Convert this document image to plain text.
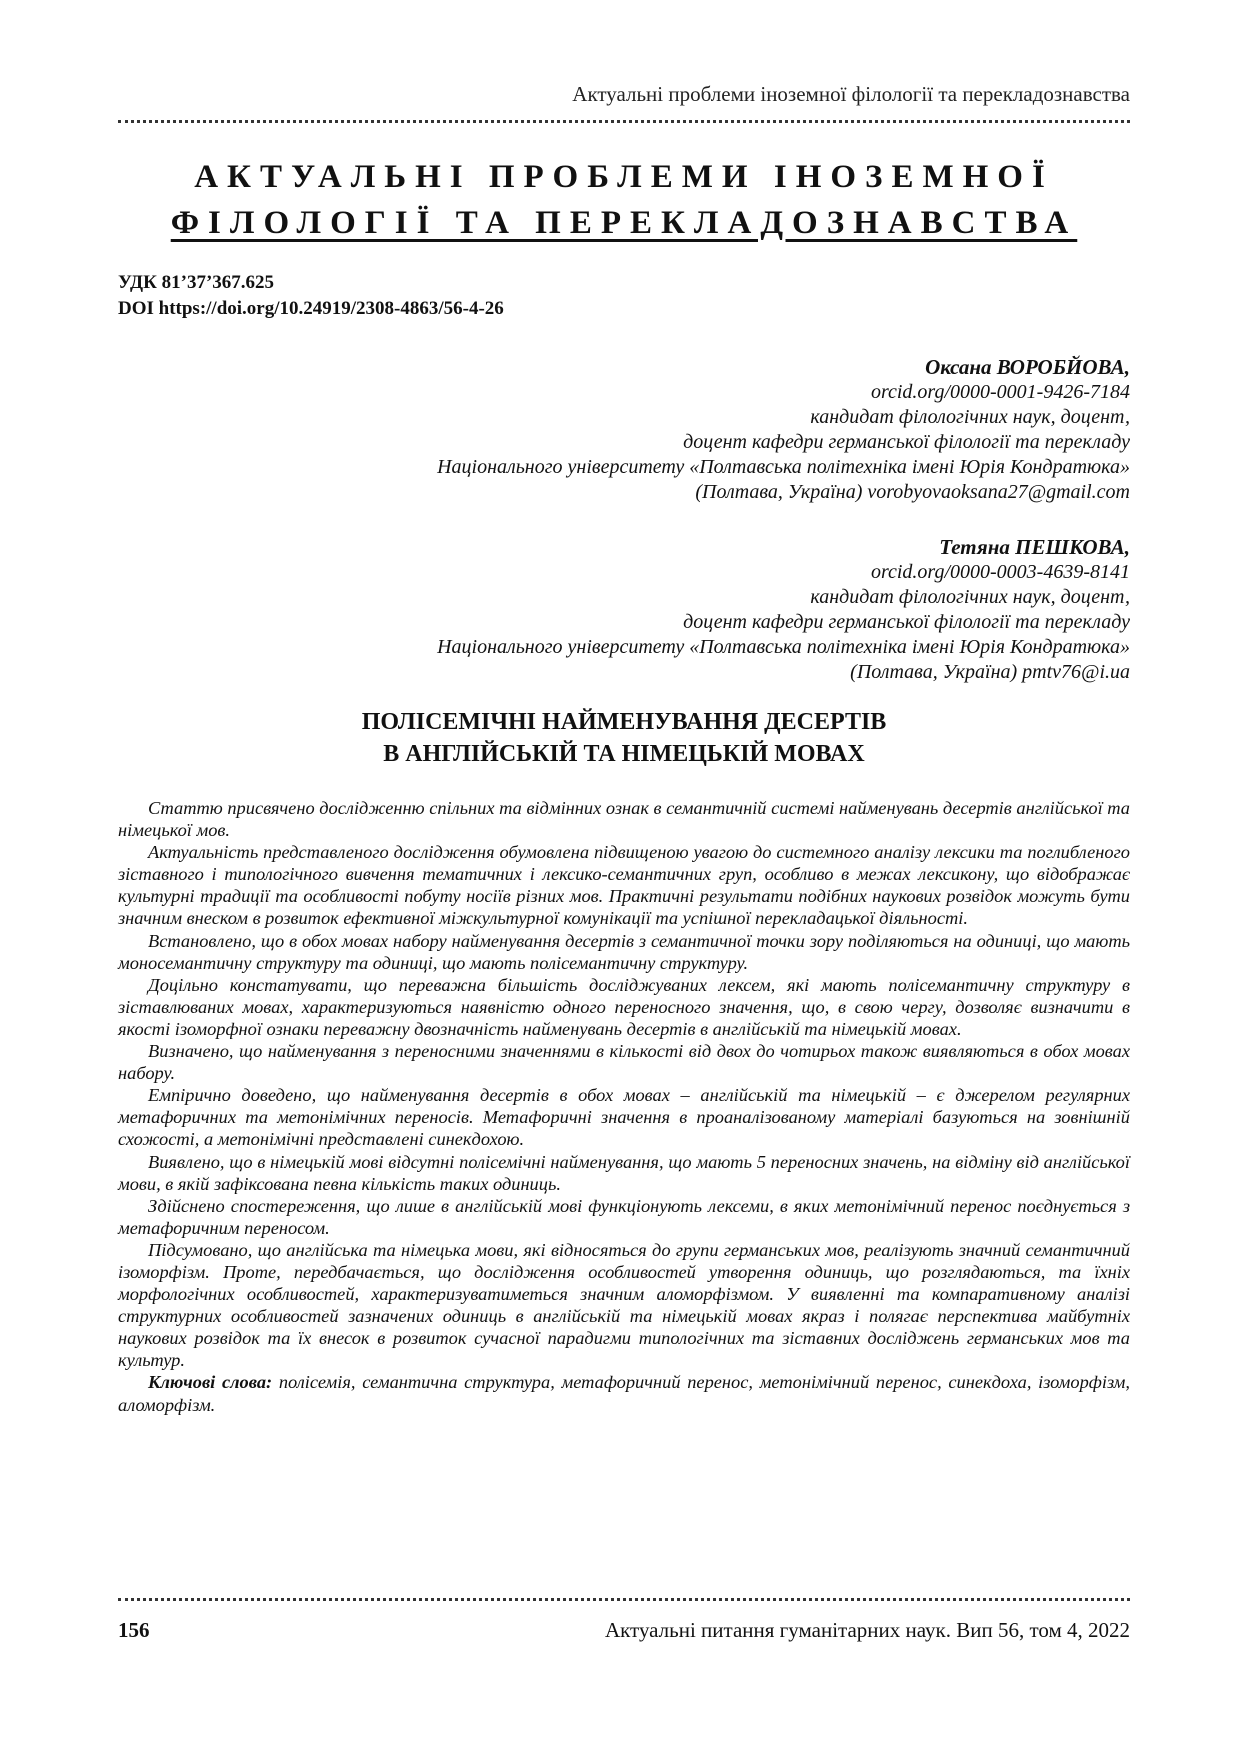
Актуальні проблеми іноземної філології та перекладознавства
АКТУАЛЬНІ ПРОБЛЕМИ ІНОЗЕМНОЇ
ФІЛОЛОГІЇ ТА ПЕРЕКЛАДОЗНАВСТВА
УДК 81’37’367.625
DOI https://doi.org/10.24919/2308-4863/56-4-26
Оксана ВОРОБЙОВА,
orcid.org/0000-0001-9426-7184
кандидат філологічних наук, доцент,
доцент кафедри германської філології та перекладу
Національного університету «Полтавська політехніка імені Юрія Кондратюка»
(Полтава, Україна) vorobyovaoksana27@gmail.com
Тетяна ПЕШКОВА,
orcid.org/0000-0003-4639-8141
кандидат філологічних наук, доцент,
доцент кафедри германської філології та перекладу
Національного університету «Полтавська політехніка імені Юрія Кондратюка»
(Полтава, Україна) pmtv76@i.ua
ПОЛІСЕМІЧНІ НАЙМЕНУВАННЯ ДЕСЕРТІВ
В АНГЛІЙСЬКІЙ ТА НІМЕЦЬКІЙ МОВАХ

Статтю присвячено дослідженню спільних та відмінних ознак в семантичній системі найменувань десертів англійської та німецької мов.

Актуальність представленого дослідження обумовлена підвищеною увагою до системного аналізу лексики та поглибленого зіставного і типологічного вивчення тематичних і лексико-семантичних груп, особливо в межах лексикону, що відображає культурні традиції та особливості побуту носіїв різних мов. Практичні результати подібних наукових розвідок можуть бути значним внеском в розвиток ефективної міжкультурної комунікації та успішної перекладацької діяльності.

Встановлено, що в обох мовах набору найменування десертів з семантичної точки зору поділяються на одиниці, що мають моносемантичну структуру та одиниці, що мають полісемантичну структуру.

Доцільно констатувати, що переважна більшість досліджуваних лексем, які мають полісемантичну структуру в зіставлюваних мовах, характеризуються наявністю одного переносного значення, що, в свою чергу, дозволяє визначити в якості ізоморфної ознаки переважну двозначність найменувань десертів в англійській та німецькій мовах.

Визначено, що найменування з переносними значеннями в кількості від двох до чотирьох також виявляються в обох мовах набору.

Емпірично доведено, що найменування десертів в обох мовах – англійській та німецькій – є джерелом регулярних метафоричних та метонімічних переносів. Метафоричні значення в проаналізованому матеріалі базуються на зовнішній схожості, а метонімічні представлені синекдохою.

Виявлено, що в німецькій мові відсутні полісемічні найменування, що мають 5 переносних значень, на відміну від англійської мови, в якій зафіксована певна кількість таких одиниць.

Здійснено спостереження, що лише в англійській мові функціонують лексеми, в яких метонімічний перенос поєднується з метафоричним переносом.

Підсумовано, що англійська та німецька мови, які відносяться до групи германських мов, реалізують значний семантичний ізоморфізм. Проте, передбачається, що дослідження особливостей утворення одиниць, що розглядаються, та їхніх морфологічних особливостей, характеризуватиметься значним аломорфізмом. У виявленні та компаративному аналізі структурних особливостей зазначених одиниць в англійській та німецькій мовах якраз і полягає перспектива майбутніх наукових розвідок та їх внесок в розвиток сучасної парадигми типологічних та зіставних досліджень германських мов та культур.

Ключові слова: полісемія, семантична структура, метафоричний перенос, метонімічний перенос, синекдоха, ізоморфізм, аломорфізм.

156	Актуальні питання гуманітарних наук. Вип 56, том 4, 2022
